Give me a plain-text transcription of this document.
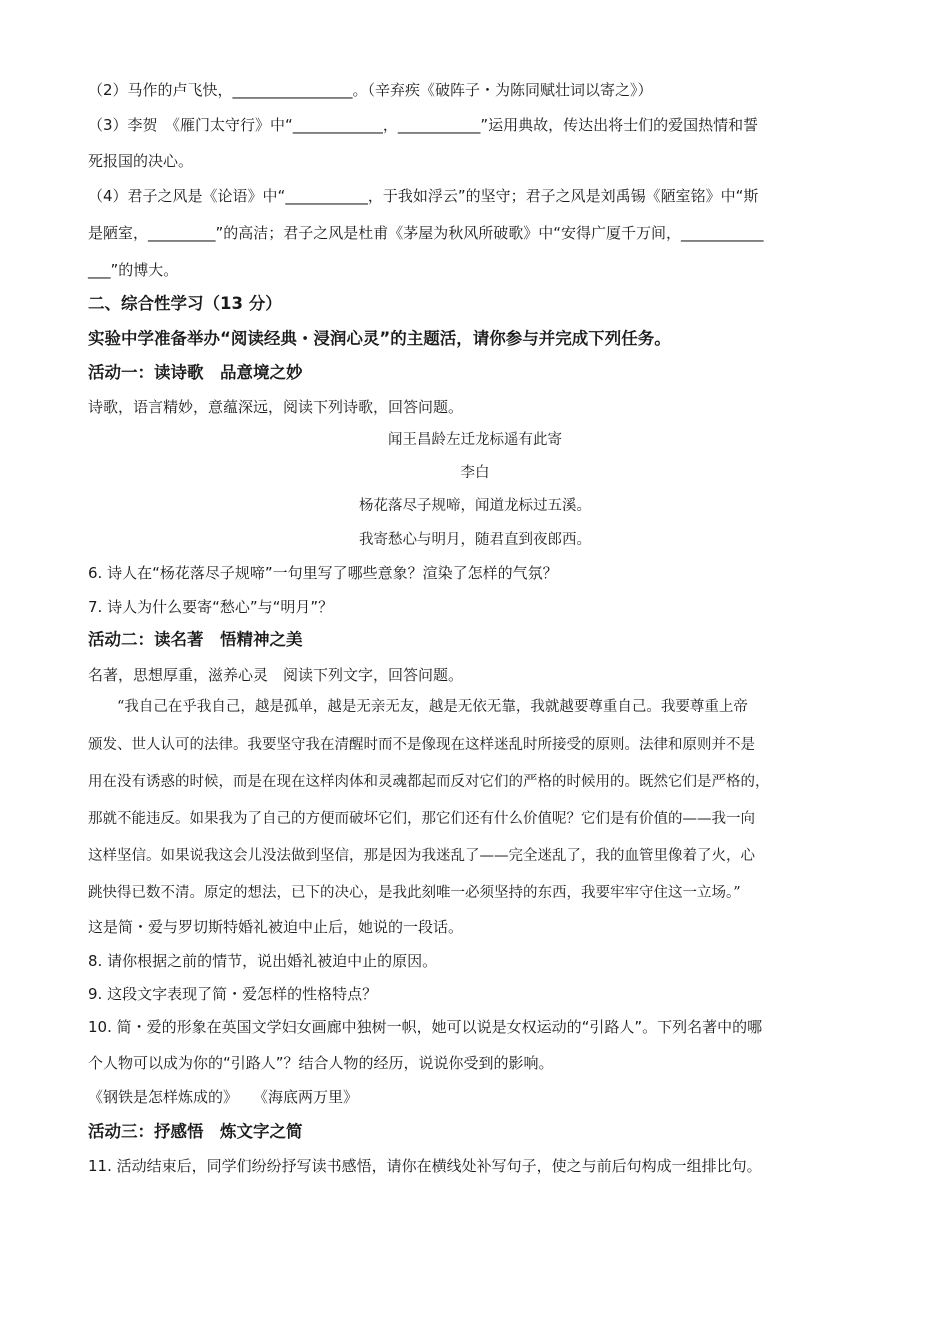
（2）马作的卢飞快，________________。（辛弃疾《破阵子・为陈同赋壮词以寄之》）
（3）李贺　《雁门太守行》中“____________，___________”运用典故，传达出将士们的爱国热情和誓
死报国的决心。
（4）君子之风是《论语》中“___________，于我如浮云”的坚守；君子之风是刘禹锡《陋室铭》中“斯
是陋室，_________”的高洁；君子之风是杜甫《茅屋为秋风所破歌》中“安得广厦千万间，___________
___”的博大。
二、综合性学习（13 分）
实验中学准备举办“阅读经典・浸润心灵”的主题活，请你参与并完成下列任务。
活动一：读诗歌　品意境之妙
诗歌，语言精妙，意蕴深远，阅读下列诗歌，回答问题。
闻王昌龄左迁龙标遥有此寄
李白
杨花落尽子规啼，闻道龙标过五溪。
我寄愁心与明月，随君直到夜郎西。
6. 诗人在“杨花落尽子规啼”一句里写了哪些意象？渲染了怎样的气氛？
7. 诗人为什么要寄“愁心”与“明月”？
活动二：读名著　悟精神之美
名著，思想厚重，滋养心灵　阅读下列文字，回答问题。
　　“我自己在乎我自己，越是孤单，越是无亲无友，越是无依无靠，我就越要尊重自己。我要尊重上帝
颁发、世人认可的法律。我要坚守我在清醒时而不是像现在这样迷乱时所接受的原则。法律和原则并不是
用在没有诱惑的时候，而是在现在这样肉体和灵魂都起而反对它们的严格的时候用的。既然它们是严格的，
那就不能违反。如果我为了自己的方便而破坏它们，那它们还有什么价值呢？它们是有价值的——我一向
这样坚信。如果说我这会儿没法做到坚信，那是因为我迷乱了——完全迷乱了，我的血管里像着了火，心
跳快得已数不清。原定的想法，已下的决心，是我此刻唯一必须坚持的东西，我要牢牢守住这一立场。”
这是简・爱与罗切斯特婚礼被迫中止后，她说的一段话。
8. 请你根据之前的情节，说出婚礼被迫中止的原因。
9. 这段文字表现了简・爱怎样的性格特点？
10. 简・爱的形象在英国文学妇女画廊中独树一帜，她可以说是女权运动的“引路人”。下列名著中的哪
个人物可以成为你的“引路人”？结合人物的经历，说说你受到的影响。
《钢铁是怎样炼成的》　　《海底两万里》
活动三：抒感悟　炼文字之简
11. 活动结束后，同学们纷纷抒写读书感悟，请你在横线处补写句子，使之与前后句构成一组排比句。
